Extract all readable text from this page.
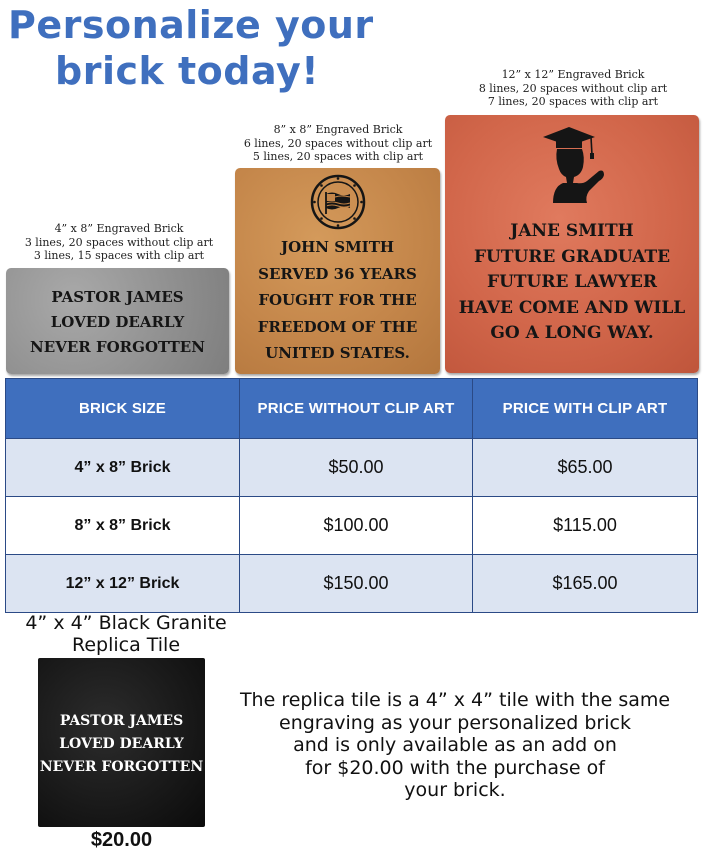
Personalize your
brick today!
4” x 8” Engraved Brick
3 lines, 20 spaces without clip art
3 lines, 15 spaces with clip art
8” x 8” Engraved Brick
6 lines, 20 spaces without clip art
5 lines, 20 spaces with clip art
12” x 12” Engraved Brick
8 lines, 20 spaces without clip art
7 lines, 20 spaces with clip art
PASTOR JAMES
LOVED DEARLY
NEVER FORGOTTEN
JOHN SMITH
SERVED 36 YEARS
FOUGHT FOR THE
FREEDOM OF THE
UNITED STATES.
JANE SMITH
FUTURE GRADUATE
FUTURE LAWYER
HAVE COME AND WILL
GO A LONG WAY.
BRICK SIZE	PRICE WITHOUT CLIP ART	PRICE WITH CLIP ART
4” x 8” Brick	$50.00	$65.00
8” x 8” Brick	$100.00	$115.00
12” x 12” Brick	$150.00	$165.00
4” x 4” Black Granite
Replica Tile
PASTOR JAMES
LOVED DEARLY
NEVER FORGOTTEN
$20.00
The replica tile is a 4” x 4” tile with the same
engraving as your personalized brick
and is only available as an add on
for $20.00 with the purchase of
your brick.
